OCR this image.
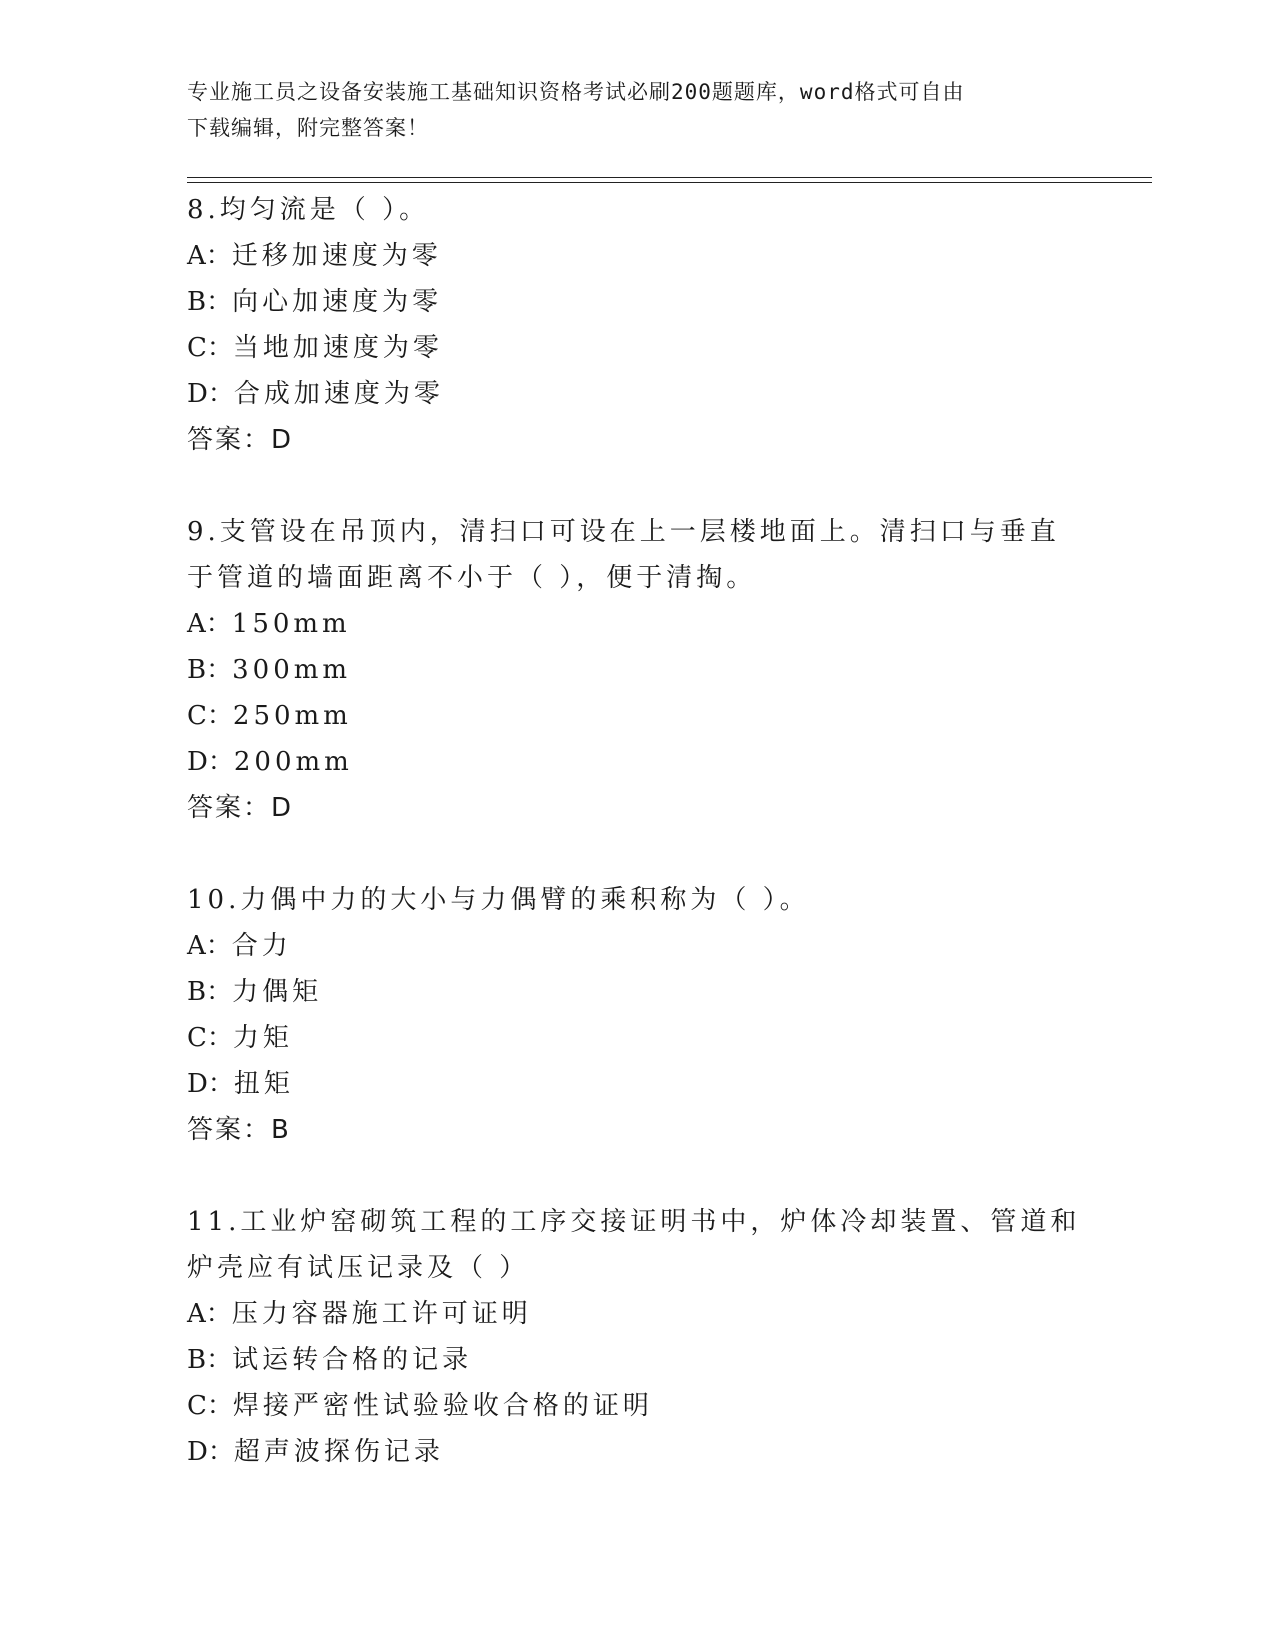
专业施工员之设备安装施工基础知识资格考试必刷200题题库，word格式可自由
下载编辑，附完整答案！
8.均匀流是（ ）。
A：迁移加速度为零
B：向心加速度为零
C：当地加速度为零
D：合成加速度为零
答案：D
9.支管设在吊顶内，清扫口可设在上一层楼地面上。清扫口与垂直于管道的墙面距离不小于（ ），便于清掏。
A：150mm
B：300mm
C：250mm
D：200mm
答案：D
10.力偶中力的大小与力偶臂的乘积称为（ ）。
A：合力
B：力偶矩
C：力矩
D：扭矩
答案：B
11.工业炉窑砌筑工程的工序交接证明书中，炉体冷却装置、管道和炉壳应有试压记录及（ ）
A：压力容器施工许可证明
B：试运转合格的记录
C：焊接严密性试验验收合格的证明
D：超声波探伤记录
